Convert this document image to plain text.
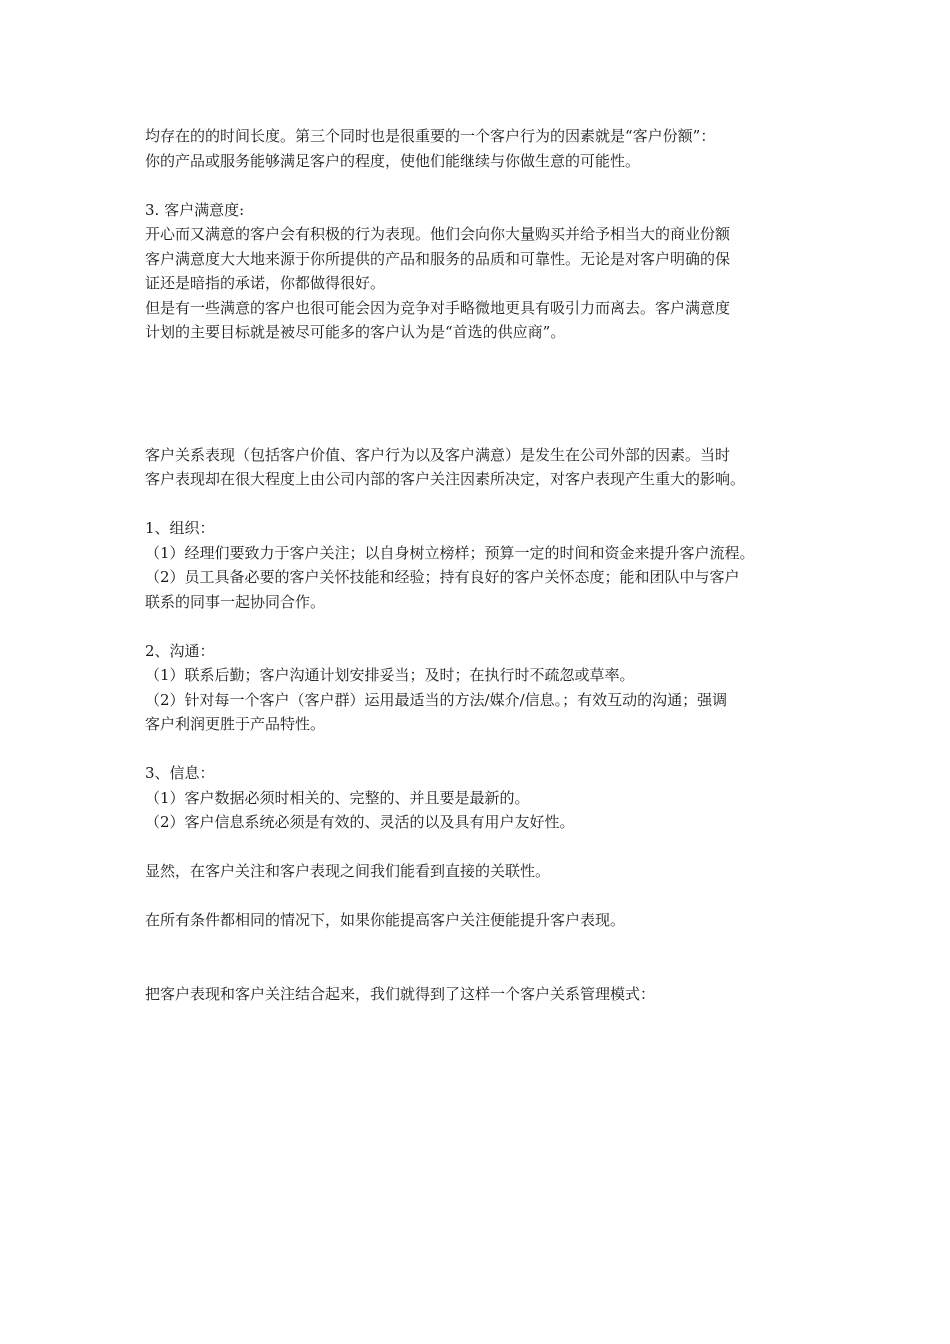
均存在的的时间长度。第三个同时也是很重要的一个客户行为的因素就是“客户份额”：
你的产品或服务能够满足客户的程度，使他们能继续与你做生意的可能性。
3. 客户满意度:
开心而又满意的客户会有积极的行为表现。他们会向你大量购买并给予相当大的商业份额
客户满意度大大地来源于你所提供的产品和服务的品质和可靠性。无论是对客户明确的保
证还是暗指的承诺，你都做得很好。
但是有一些满意的客户也很可能会因为竞争对手略微地更具有吸引力而离去。客户满意度
计划的主要目标就是被尽可能多的客户认为是“首选的供应商”。
客户关系表现（包括客户价值、客户行为以及客户满意）是发生在公司外部的因素。当时
客户表现却在很大程度上由公司内部的客户关注因素所决定，对客户表现产生重大的影响。
1、组织：
（1）经理们要致力于客户关注；以自身树立榜样；预算一定的时间和资金来提升客户流程。
（2）员工具备必要的客户关怀技能和经验；持有良好的客户关怀态度；能和团队中与客户
联系的同事一起协同合作。
2、沟通：
（1）联系后勤；客户沟通计划安排妥当；及时；在执行时不疏忽或草率。
（2）针对每一个客户（客户群）运用最适当的方法/媒介/信息。；有效互动的沟通；强调
客户利润更胜于产品特性。
3、信息：
（1）客户数据必须时相关的、完整的、并且要是最新的。
（2）客户信息系统必须是有效的、灵活的以及具有用户友好性。
显然，在客户关注和客户表现之间我们能看到直接的关联性。
在所有条件都相同的情况下，如果你能提高客户关注便能提升客户表现。
把客户表现和客户关注结合起来，我们就得到了这样一个客户关系管理模式：
